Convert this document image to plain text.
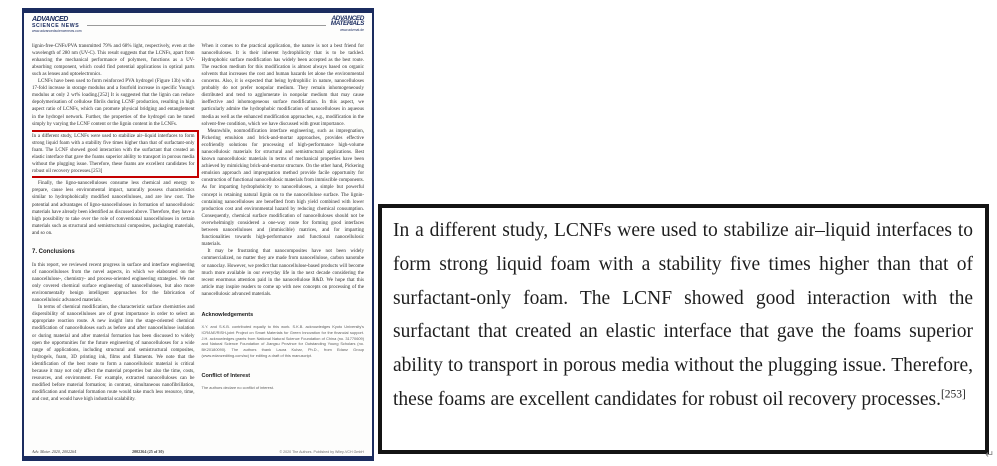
ADVANCED
SCIENCE NEWS
www.advancedsciencenews.com
ADVANCED
MATERIALS
www.advmat.de

lignin-free-CNFs/PVA transmitted 79% and 68% light, respectively, even at the wavelength of 280 nm (UV-C). This result suggests that the LCNFs, apart from enhancing the mechanical performance of polymers, functions as a UV-absorbing component, which could find potential applications in optical parts such as lenses and optoelectronics.

LCNFs have been used to form reinforced PVA hydrogel (Figure 13b) with a 17-fold increase in storage modulus and a fourfold increase in specific Young's modulus at only 2 wt% loading.[252] It is suggested that the lignin can reduce depolymerisation of cellulose fibrils during LCNF production, resulting in high aspect ratio of LCNFs, which can promote physical bridging and entanglement in the hydrogel network. Further, the properties of the hydrogel can be tuned simply by varying the LCNF content or the lignin content in the LCNFs.

In a different study, LCNFs were used to stabilize air–liquid interfaces to form strong liquid foam with a stability five times higher than that of surfactant-only foam. The LCNF showed good interaction with the surfactant that created an elastic interface that gave the foams superior ability to transport in porous media without the plugging issue. Therefore, these foams are excellent candidates for robust oil recovery processes.[253]

Finally, the ligno-nanocelluloses consume less chemical and energy to prepare, cause less environmental impact, naturally possess characteristics similar to hydrophobically modified nanocelluloses, and are low cost. The potential and advantages of ligno-nanocelluloses in formation of nanocellulosic materials have already been identified as discussed above. Therefore, they have a high possibility to take over the role of conventional nanocelluloses in certain materials such as structural and semistructural composites, packaging materials, and so on.

7. Conclusions

In this report, we reviewed recent progress in surface and interface engineering of nanocelluloses from the novel aspects, in which we elaborated on the nanocellulose-, chemistry- and process-oriented engineering strategies. We not only covered chemical surface engineering of nanocelluloses, but also more environmentally benign intelligent approaches for the fabrication of nanocellulosic advanced materials.

In terms of chemical modification, the characteristic surface chemistries and dispersibility of nanocelluloses are of great importance in order to select an appropriate reaction route. A new insight into the stage-oriented chemical modification of nanocelluloses such as before and after nanocellulose isolation or during material and after material formation has been discussed to widely open the opportunities for the future engineering of nanocelluloses for a wide range of applications, including structural and semistructural composites, hydrogels, foam, 3D printing ink, films and filaments. We note that the identification of the best route to form a nanocellulosic material is critical because it may not only affect the material properties but also the time, costs, resources, and environment. For example, extracted nanocelluloses can be modified before material formation; in contrast, simultaneous nanofibrillation, modification and material formation route would take much less resource, time, and cost, and would have high industrial scalability.

When it comes to the practical application, the nature is not a best friend for nanocelluloses. It is their inherent hydrophilicity that is to be tackled. Hydrophobic surface modification has widely been accepted as the best route. The reaction medium for this modification is almost always based on organic solvents that increases the cost and human hazards let alone the environmental concerns. Also, it is expected that being hydrophilic in nature, nanocelluloses probably do not prefer nonpolar medium. They remain inhomogeneously distributed and tend to agglomerate in nonpolar medium that may cause ineffective and inhomogeneous surface modification. In this aspect, we particularly admire the hydrophobic modification of nanocelluloses in aqueous media as well as the enhanced modification approaches, e.g., modification in the solvent-free condition, which we have discussed with great importance.

Meanwhile, nonmodification interface engineering, such as impregnation, Pickering emulsion and brick-and-mortar approaches, provides effective ecofriendly solutions for processing of high-performance high-volume nanocellulosic materials for structural and semistructural applications. Best known nanocellulosic materials in terms of mechanical properties have been achieved by mimicking brick-and-mortar structure. On the other hand, Pickering emulsion approach and impregnation method provide facile opportunity for construction of functional nanocellulosic materials from immiscible components. As for imparting hydrophobicity to nanocelluloses, a simple but powerful concept is retaining natural lignin on to the nanocellulose surface. The lignin-containing nanocelluloses are benefited from high yield combined with lower production cost and environmental hazard by reducing chemical consumption. Consequently, chemical surface modification of nanocelluloses should not be overwhelmingly considered a one-way route for forming good interfaces between nanocelluloses and (immiscible) matrices, and for imparting functionalities towards high-performance and functional nanocellulosic materials.

It may be frustrating that nanocomposites have not been widely commercialized, no matter they are made from nanocellulose, carbon nanotube or nanoclay. However, we predict that nanocellulose-based products will become much more available in our everyday life in the next decade considering the recent enormous attention paid in the nanocellulose R&D. We hope that this article may inspire readers to come up with new concepts on processing of the nanocellulosic advanced materials.

Acknowledgements

X.Y. and S.K.B. contributed equally to this work. S.K.B. acknowledges Kyoto University's ICR/IAE/RISH-joint Project on Smart Materials for Green Innovation for the financial support. J.H. acknowledges grants from National Natural Science Foundation of China (no. 31770609) and Natural Science Foundation of Jiangsu Province for Outstanding Young Scholars (no. BK20180090). The authors thank Laura Kuhar, Ph.D., from Edanz Group (www.edanzediting.com/ac) for editing a draft of this manuscript.

Conflict of Interest

The authors declare no conflict of interest.

Adv. Mater. 2020, 2002264	2002264 (25 of 30)	© 2020 The Authors. Published by Wiley-VCH GmbH

In a different study, LCNFs were used to stabilize air–liquid interfaces to form strong liquid foam with a stability five times higher than that of surfactant-only foam. The LCNF showed good interaction with the surfactant that created an elastic interface that gave the foams superior ability to transport in porous media without the plugging issue. Therefore, these foams are excellent candidates for robust oil recovery processes.[253]

↵
